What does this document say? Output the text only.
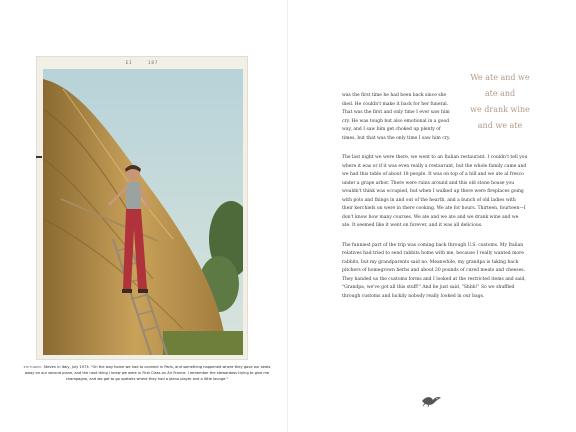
EI	187
PICTURED: Steven in Italy, July 1973. "On the way home we had to connect in Paris, and something happened where they gave our seats away on our second plane, and the next thing I knew we were in First Class on Air France. I remember the stewardess trying to give me champagne, and we got to go upstairs where they had a piano player and a little lounge."
We ate and we
ate and
we drank wine
and we ate

was the first time he had been back since she died. He couldn't make it back for her funeral. That was the first and only time I ever saw him cry. He was tough but also emotional in a good way, and I saw him get choked up plenty of times, but that was the only time I saw him cry.

The last night we were there, we went to an Italian restaurant. I couldn't tell you where it was or if it was even really a restaurant, but the whole family came and we had this table of about 18 people. It was on top of a hill and we ate al fresco under a grape arbor. There were ruins around and this old stone house you wouldn't think was occupied, but when I walked up there were fireplaces going with pots and things in and out of the hearth, and a bunch of old ladies with their kerchiefs on were in there cooking. We ate for hours. Thirteen, fourteen—I don't know how many courses. We ate and we ate and we drank wine and we ate. It seemed like it went on forever, and it was all delicious.

The funniest part of the trip was coming back through U.S. customs. My Italian relatives had tried to send rabbits home with me, because I really wanted more rabbits, but my grandparents said no. Meanwhile, my grandpa is taking back pitchers of homegrown herbs and about 20 pounds of cured meats and cheeses. They handed us the customs forms and I looked at the restricted items and said, "Grandpa, we've got all this stuff!" And he just said, "Shhh!" So we shuffled through customs and luckily nobody really looked in our bags.
